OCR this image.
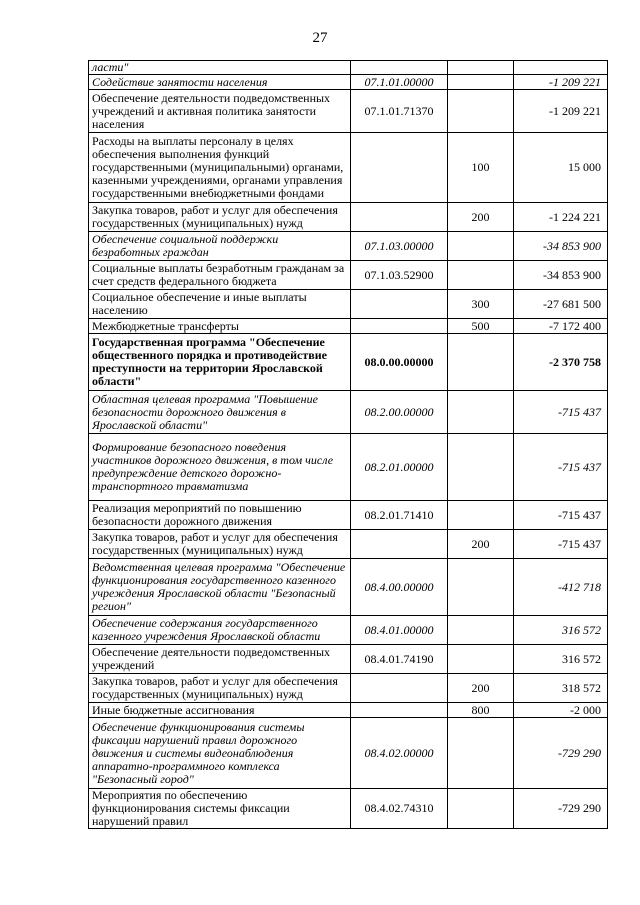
27
ласти"			
Содействие занятости населения	07.1.01.00000		-1 209 221
Обеспечение деятельности подведомственных учреждений и активная политика занятости населения	07.1.01.71370		-1 209 221
Расходы на выплаты персоналу в целях обеспечения выполнения функций государственными (муниципальными) органами, казенными учреждениями, органами управления государственными внебюджетными фондами		100	15 000
Закупка товаров, работ и услуг для обеспечения государственных (муниципальных) нужд		200	-1 224 221
Обеспечение социальной поддержки безработных граждан	07.1.03.00000		-34 853 900
Социальные выплаты безработным гражданам за счет средств федерального бюджета	07.1.03.52900		-34 853 900
Социальное обеспечение и иные выплаты населению		300	-27 681 500
Межбюджетные трансферты		500	-7 172 400
Государственная программа "Обеспечение общественного порядка и противодействие преступности на территории Ярославской области"	08.0.00.00000		-2 370 758
Областная целевая программа "Повышение безопасности дорожного движения в Ярославской области"	08.2.00.00000		-715 437
Формирование безопасного поведения участников дорожного движения, в том числе предупреждение детского дорожно-транспортного травматизма	08.2.01.00000		-715 437
Реализация мероприятий по повышению безопасности дорожного движения	08.2.01.71410		-715 437
Закупка товаров, работ и услуг для обеспечения государственных (муниципальных) нужд		200	-715 437
Ведомственная целевая программа "Обеспечение функционирования государственного казенного учреждения Ярославской области "Безопасный регион"	08.4.00.00000		-412 718
Обеспечение содержания государственного казенного учреждения Ярославской области	08.4.01.00000		316 572
Обеспечение деятельности подведомственных учреждений	08.4.01.74190		316 572
Закупка товаров, работ и услуг для обеспечения государственных (муниципальных) нужд		200	318 572
Иные бюджетные ассигнования		800	-2 000
Обеспечение функционирования системы фиксации нарушений правил дорожного движения и системы видеонаблюдения аппаратно-программного комплекса "Безопасный город"	08.4.02.00000		-729 290
Мероприятия по обеспечению функционирования системы фиксации нарушений правил	08.4.02.74310		-729 290
